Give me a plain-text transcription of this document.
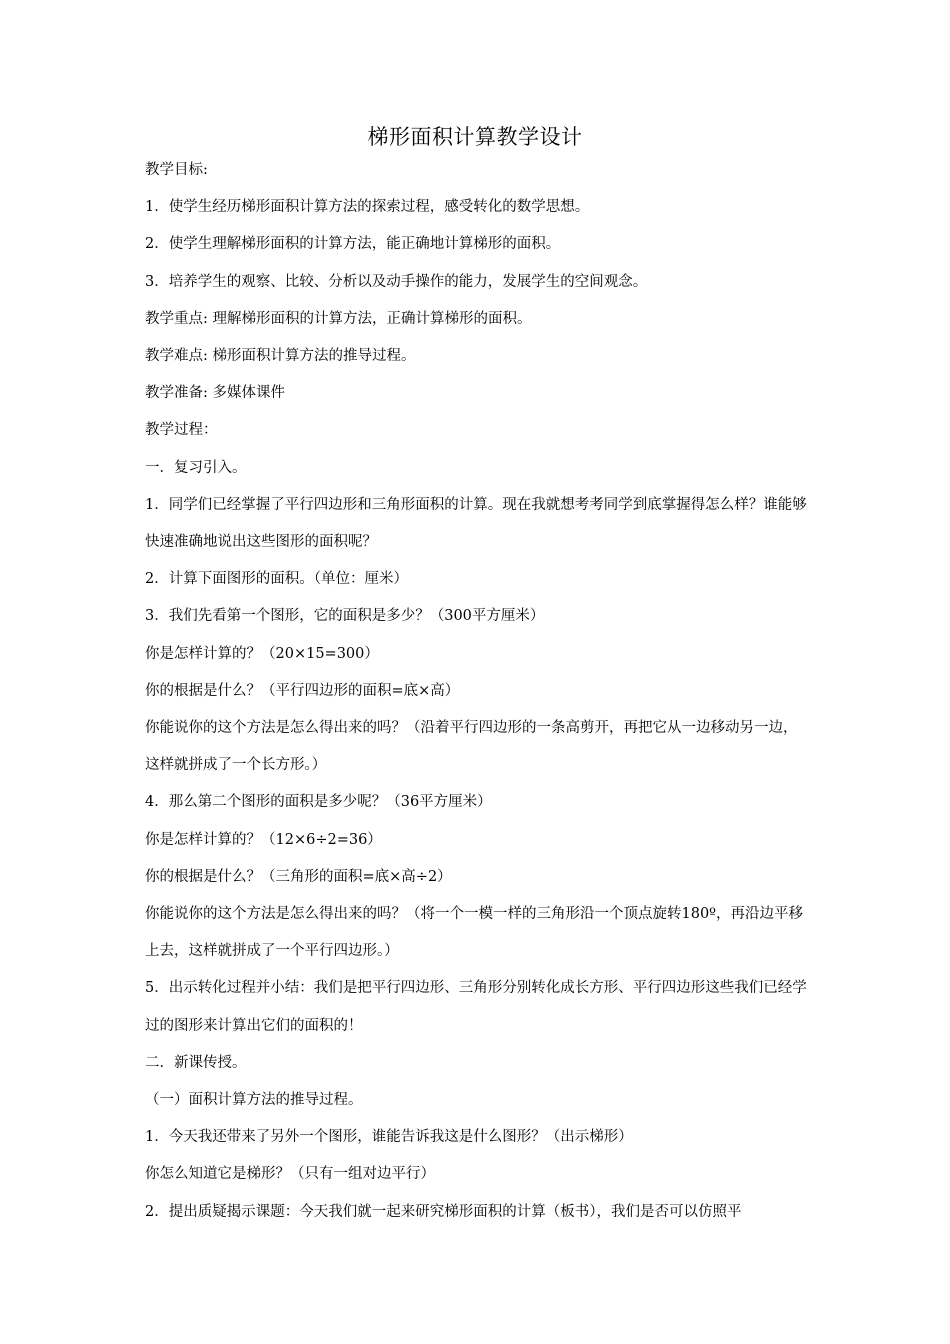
梯形面积计算教学设计

教学目标:

1．使学生经历梯形面积计算方法的探索过程，感受转化的数学思想。

2．使学生理解梯形面积的计算方法，能正确地计算梯形的面积。

3．培养学生的观察、比较、分析以及动手操作的能力，发展学生的空间观念。

教学重点: 理解梯形面积的计算方法，正确计算梯形的面积。

教学难点: 梯形面积计算方法的推导过程。

教学准备: 多媒体课件

教学过程：

一．复习引入。

1．同学们已经掌握了平行四边形和三角形面积的计算。现在我就想考考同学到底掌握得怎么样？谁能够快速准确地说出这些图形的面积呢？

2．计算下面图形的面积。（单位：厘米）

3．我们先看第一个图形，它的面积是多少？（300平方厘米）

你是怎样计算的？（20×15=300）

你的根据是什么？（平行四边形的面积=底×高）

你能说你的这个方法是怎么得出来的吗？（沿着平行四边形的一条高剪开，再把它从一边移动另一边，这样就拼成了一个长方形。）

4．那么第二个图形的面积是多少呢？（36平方厘米）

你是怎样计算的？（12×6÷2=36）

你的根据是什么？（三角形的面积=底×高÷2）

你能说你的这个方法是怎么得出来的吗？（将一个一模一样的三角形沿一个顶点旋转180º，再沿边平移上去，这样就拼成了一个平行四边形。）

5．出示转化过程并小结：我们是把平行四边形、三角形分别转化成长方形、平行四边形这些我们已经学过的图形来计算出它们的面积的！

二．新课传授。

（一）面积计算方法的推导过程。

1．今天我还带来了另外一个图形，谁能告诉我这是什么图形？（出示梯形）

你怎么知道它是梯形？（只有一组对边平行）

2．提出质疑揭示课题：今天我们就一起来研究梯形面积的计算（板书），我们是否可以仿照平
